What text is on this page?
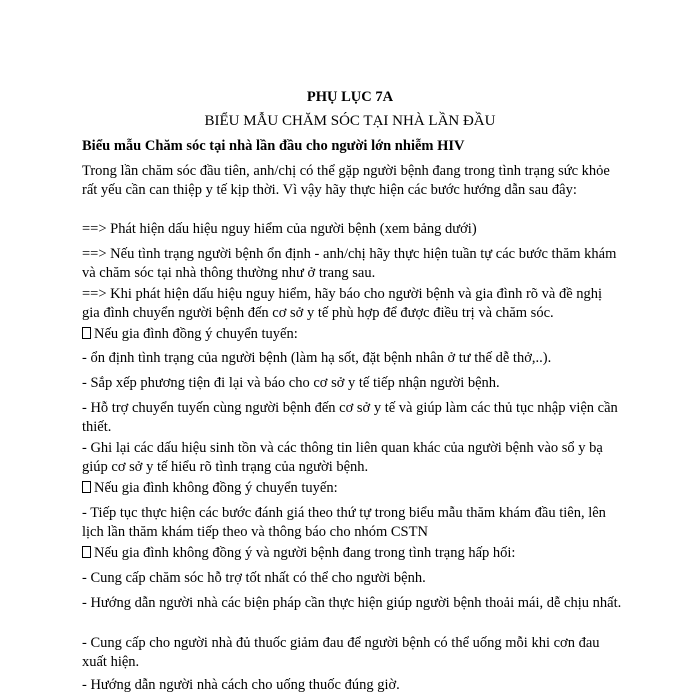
PHỤ LỤC 7A
BIỂU MẪU CHĂM SÓC TẠI NHÀ LẦN ĐẦU
Biểu mẫu Chăm sóc tại nhà lần đầu cho người lớn nhiễm HIV
Trong lần chăm sóc đầu tiên, anh/chị có thể gặp người bệnh đang trong tình trạng sức khỏe rất yếu cần can thiệp y tế kịp thời. Vì vậy hãy thực hiện các bước hướng dẫn sau đây:
==> Phát hiện dấu hiệu nguy hiểm của người bệnh (xem bảng dưới)
==> Nếu tình trạng người bệnh ổn định - anh/chị hãy thực hiện tuần tự các bước thăm khám và chăm sóc tại nhà thông thường như ở trang sau.
==> Khi phát hiện dấu hiệu nguy hiểm, hãy báo cho người bệnh và gia đình rõ và đề nghị gia đình chuyển người bệnh đến cơ sở y tế phù hợp để được điều trị và chăm sóc.
Nếu gia đình đồng ý chuyển tuyến:
- ổn định tình trạng của người bệnh (làm hạ sốt, đặt bệnh nhân ở tư thế dễ thở,..).
- Sắp xếp phương tiện đi lại và báo cho cơ sở y tế tiếp nhận người bệnh.
- Hỗ trợ chuyển tuyến cùng người bệnh đến cơ sở y tế và giúp làm các thủ tục nhập viện cần thiết.
- Ghi lại các dấu hiệu sinh tồn và các thông tin liên quan khác của người bệnh vào sổ y bạ giúp cơ sở y tế hiểu rõ tình trạng của người bệnh.
Nếu gia đình không đồng ý chuyển tuyến:
- Tiếp tục thực hiện các bước đánh giá theo thứ tự trong biểu mẫu thăm khám đầu tiên, lên lịch lần thăm khám tiếp theo và thông báo cho nhóm CSTN
Nếu gia đình không đồng ý và người bệnh đang trong tình trạng hấp hối:
- Cung cấp chăm sóc hỗ trợ tốt nhất có thể cho người bệnh.
- Hướng dẫn người nhà các biện pháp cần thực hiện giúp người bệnh thoải mái, dễ chịu nhất.
- Cung cấp cho người nhà đủ thuốc giảm đau để người bệnh có thể uống mỗi khi cơn đau xuất hiện.
- Hướng dẫn người nhà cách cho uống thuốc đúng giờ.
